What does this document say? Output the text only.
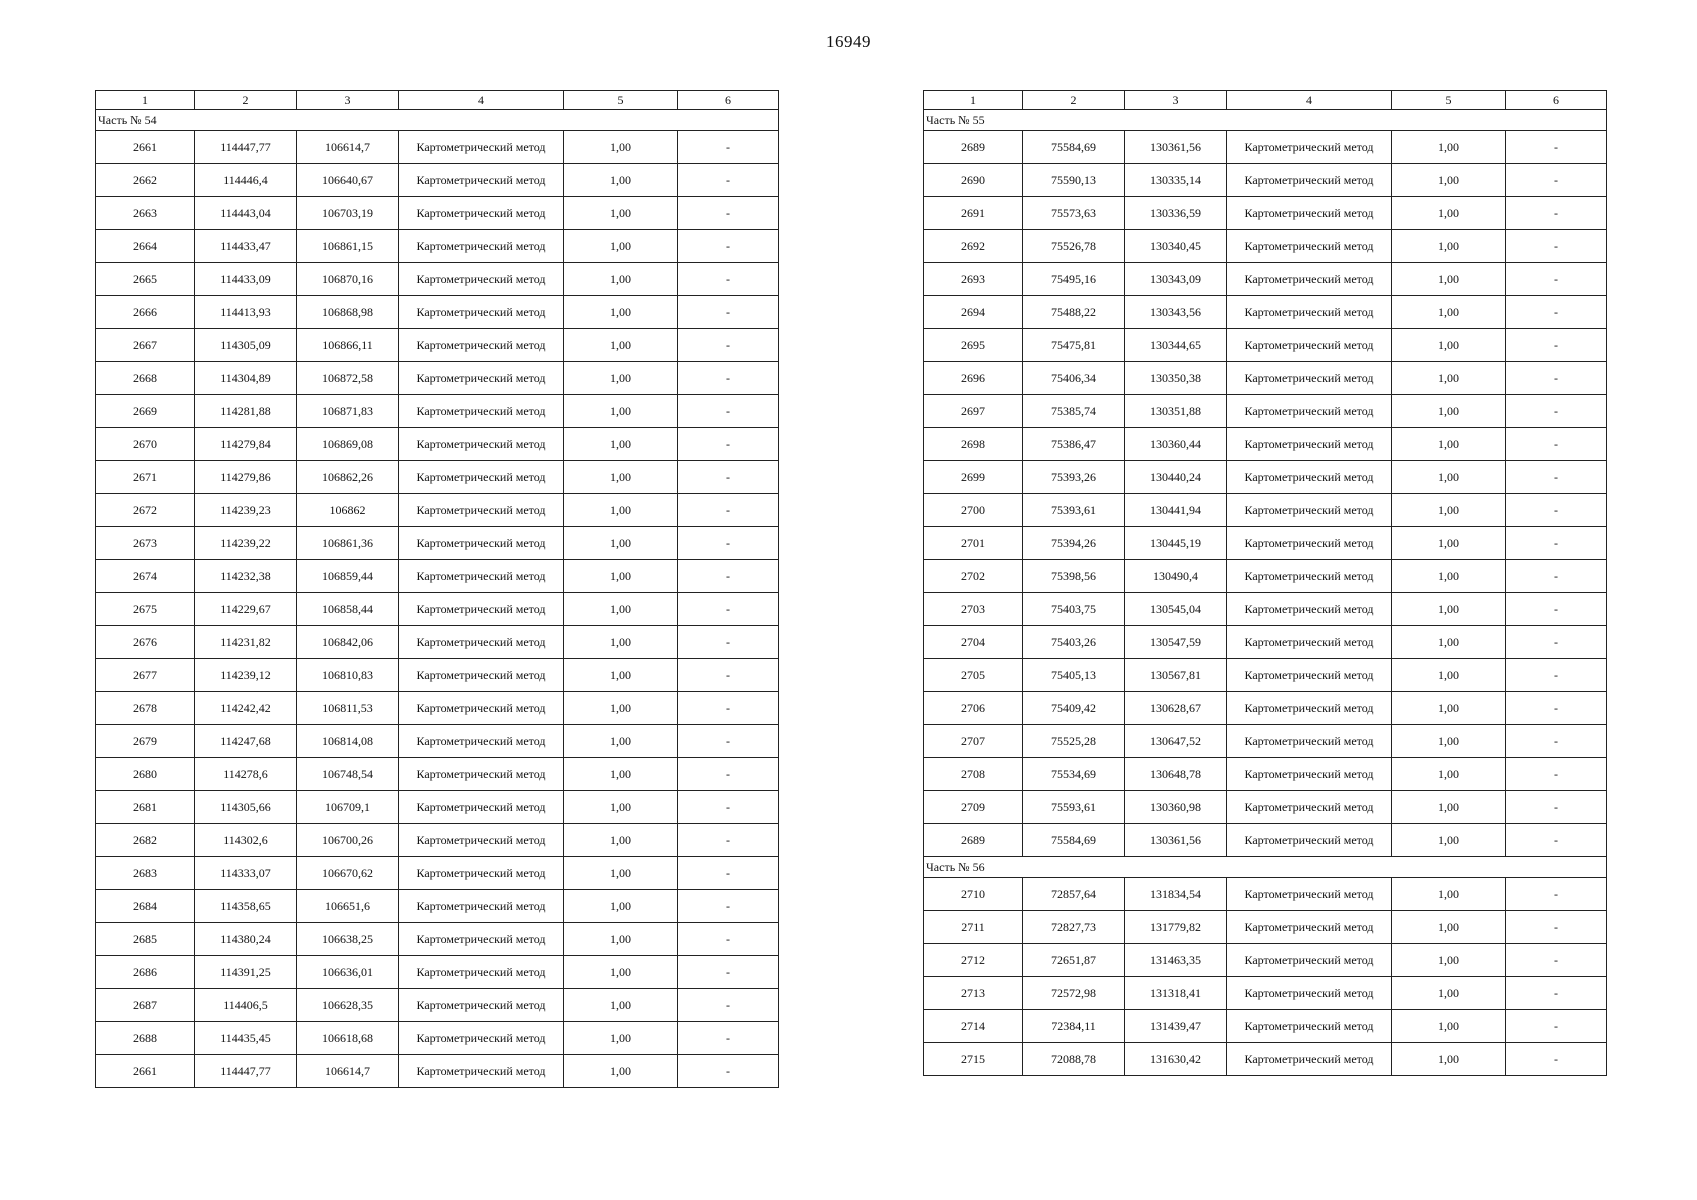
16949
1	2	3	4	5	6
Часть № 54					
2661	114447,77	106614,7	Картометрический метод	1,00	-
2662	114446,4	106640,67	Картометрический метод	1,00	-
2663	114443,04	106703,19	Картометрический метод	1,00	-
2664	114433,47	106861,15	Картометрический метод	1,00	-
2665	114433,09	106870,16	Картометрический метод	1,00	-
2666	114413,93	106868,98	Картометрический метод	1,00	-
2667	114305,09	106866,11	Картометрический метод	1,00	-
2668	114304,89	106872,58	Картометрический метод	1,00	-
2669	114281,88	106871,83	Картометрический метод	1,00	-
2670	114279,84	106869,08	Картометрический метод	1,00	-
2671	114279,86	106862,26	Картометрический метод	1,00	-
2672	114239,23	106862	Картометрический метод	1,00	-
2673	114239,22	106861,36	Картометрический метод	1,00	-
2674	114232,38	106859,44	Картометрический метод	1,00	-
2675	114229,67	106858,44	Картометрический метод	1,00	-
2676	114231,82	106842,06	Картометрический метод	1,00	-
2677	114239,12	106810,83	Картометрический метод	1,00	-
2678	114242,42	106811,53	Картометрический метод	1,00	-
2679	114247,68	106814,08	Картометрический метод	1,00	-
2680	114278,6	106748,54	Картометрический метод	1,00	-
2681	114305,66	106709,1	Картометрический метод	1,00	-
2682	114302,6	106700,26	Картометрический метод	1,00	-
2683	114333,07	106670,62	Картометрический метод	1,00	-
2684	114358,65	106651,6	Картометрический метод	1,00	-
2685	114380,24	106638,25	Картометрический метод	1,00	-
2686	114391,25	106636,01	Картометрический метод	1,00	-
2687	114406,5	106628,35	Картометрический метод	1,00	-
2688	114435,45	106618,68	Картометрический метод	1,00	-
2661	114447,77	106614,7	Картометрический метод	1,00	-
1	2	3	4	5	6
Часть № 55					
2689	75584,69	130361,56	Картометрический метод	1,00	-
2690	75590,13	130335,14	Картометрический метод	1,00	-
2691	75573,63	130336,59	Картометрический метод	1,00	-
2692	75526,78	130340,45	Картометрический метод	1,00	-
2693	75495,16	130343,09	Картометрический метод	1,00	-
2694	75488,22	130343,56	Картометрический метод	1,00	-
2695	75475,81	130344,65	Картометрический метод	1,00	-
2696	75406,34	130350,38	Картометрический метод	1,00	-
2697	75385,74	130351,88	Картометрический метод	1,00	-
2698	75386,47	130360,44	Картометрический метод	1,00	-
2699	75393,26	130440,24	Картометрический метод	1,00	-
2700	75393,61	130441,94	Картометрический метод	1,00	-
2701	75394,26	130445,19	Картометрический метод	1,00	-
2702	75398,56	130490,4	Картометрический метод	1,00	-
2703	75403,75	130545,04	Картометрический метод	1,00	-
2704	75403,26	130547,59	Картометрический метод	1,00	-
2705	75405,13	130567,81	Картометрический метод	1,00	-
2706	75409,42	130628,67	Картометрический метод	1,00	-
2707	75525,28	130647,52	Картометрический метод	1,00	-
2708	75534,69	130648,78	Картометрический метод	1,00	-
2709	75593,61	130360,98	Картометрический метод	1,00	-
2689	75584,69	130361,56	Картометрический метод	1,00	-
Часть № 56					
2710	72857,64	131834,54	Картометрический метод	1,00	-
2711	72827,73	131779,82	Картометрический метод	1,00	-
2712	72651,87	131463,35	Картометрический метод	1,00	-
2713	72572,98	131318,41	Картометрический метод	1,00	-
2714	72384,11	131439,47	Картометрический метод	1,00	-
2715	72088,78	131630,42	Картометрический метод	1,00	-
